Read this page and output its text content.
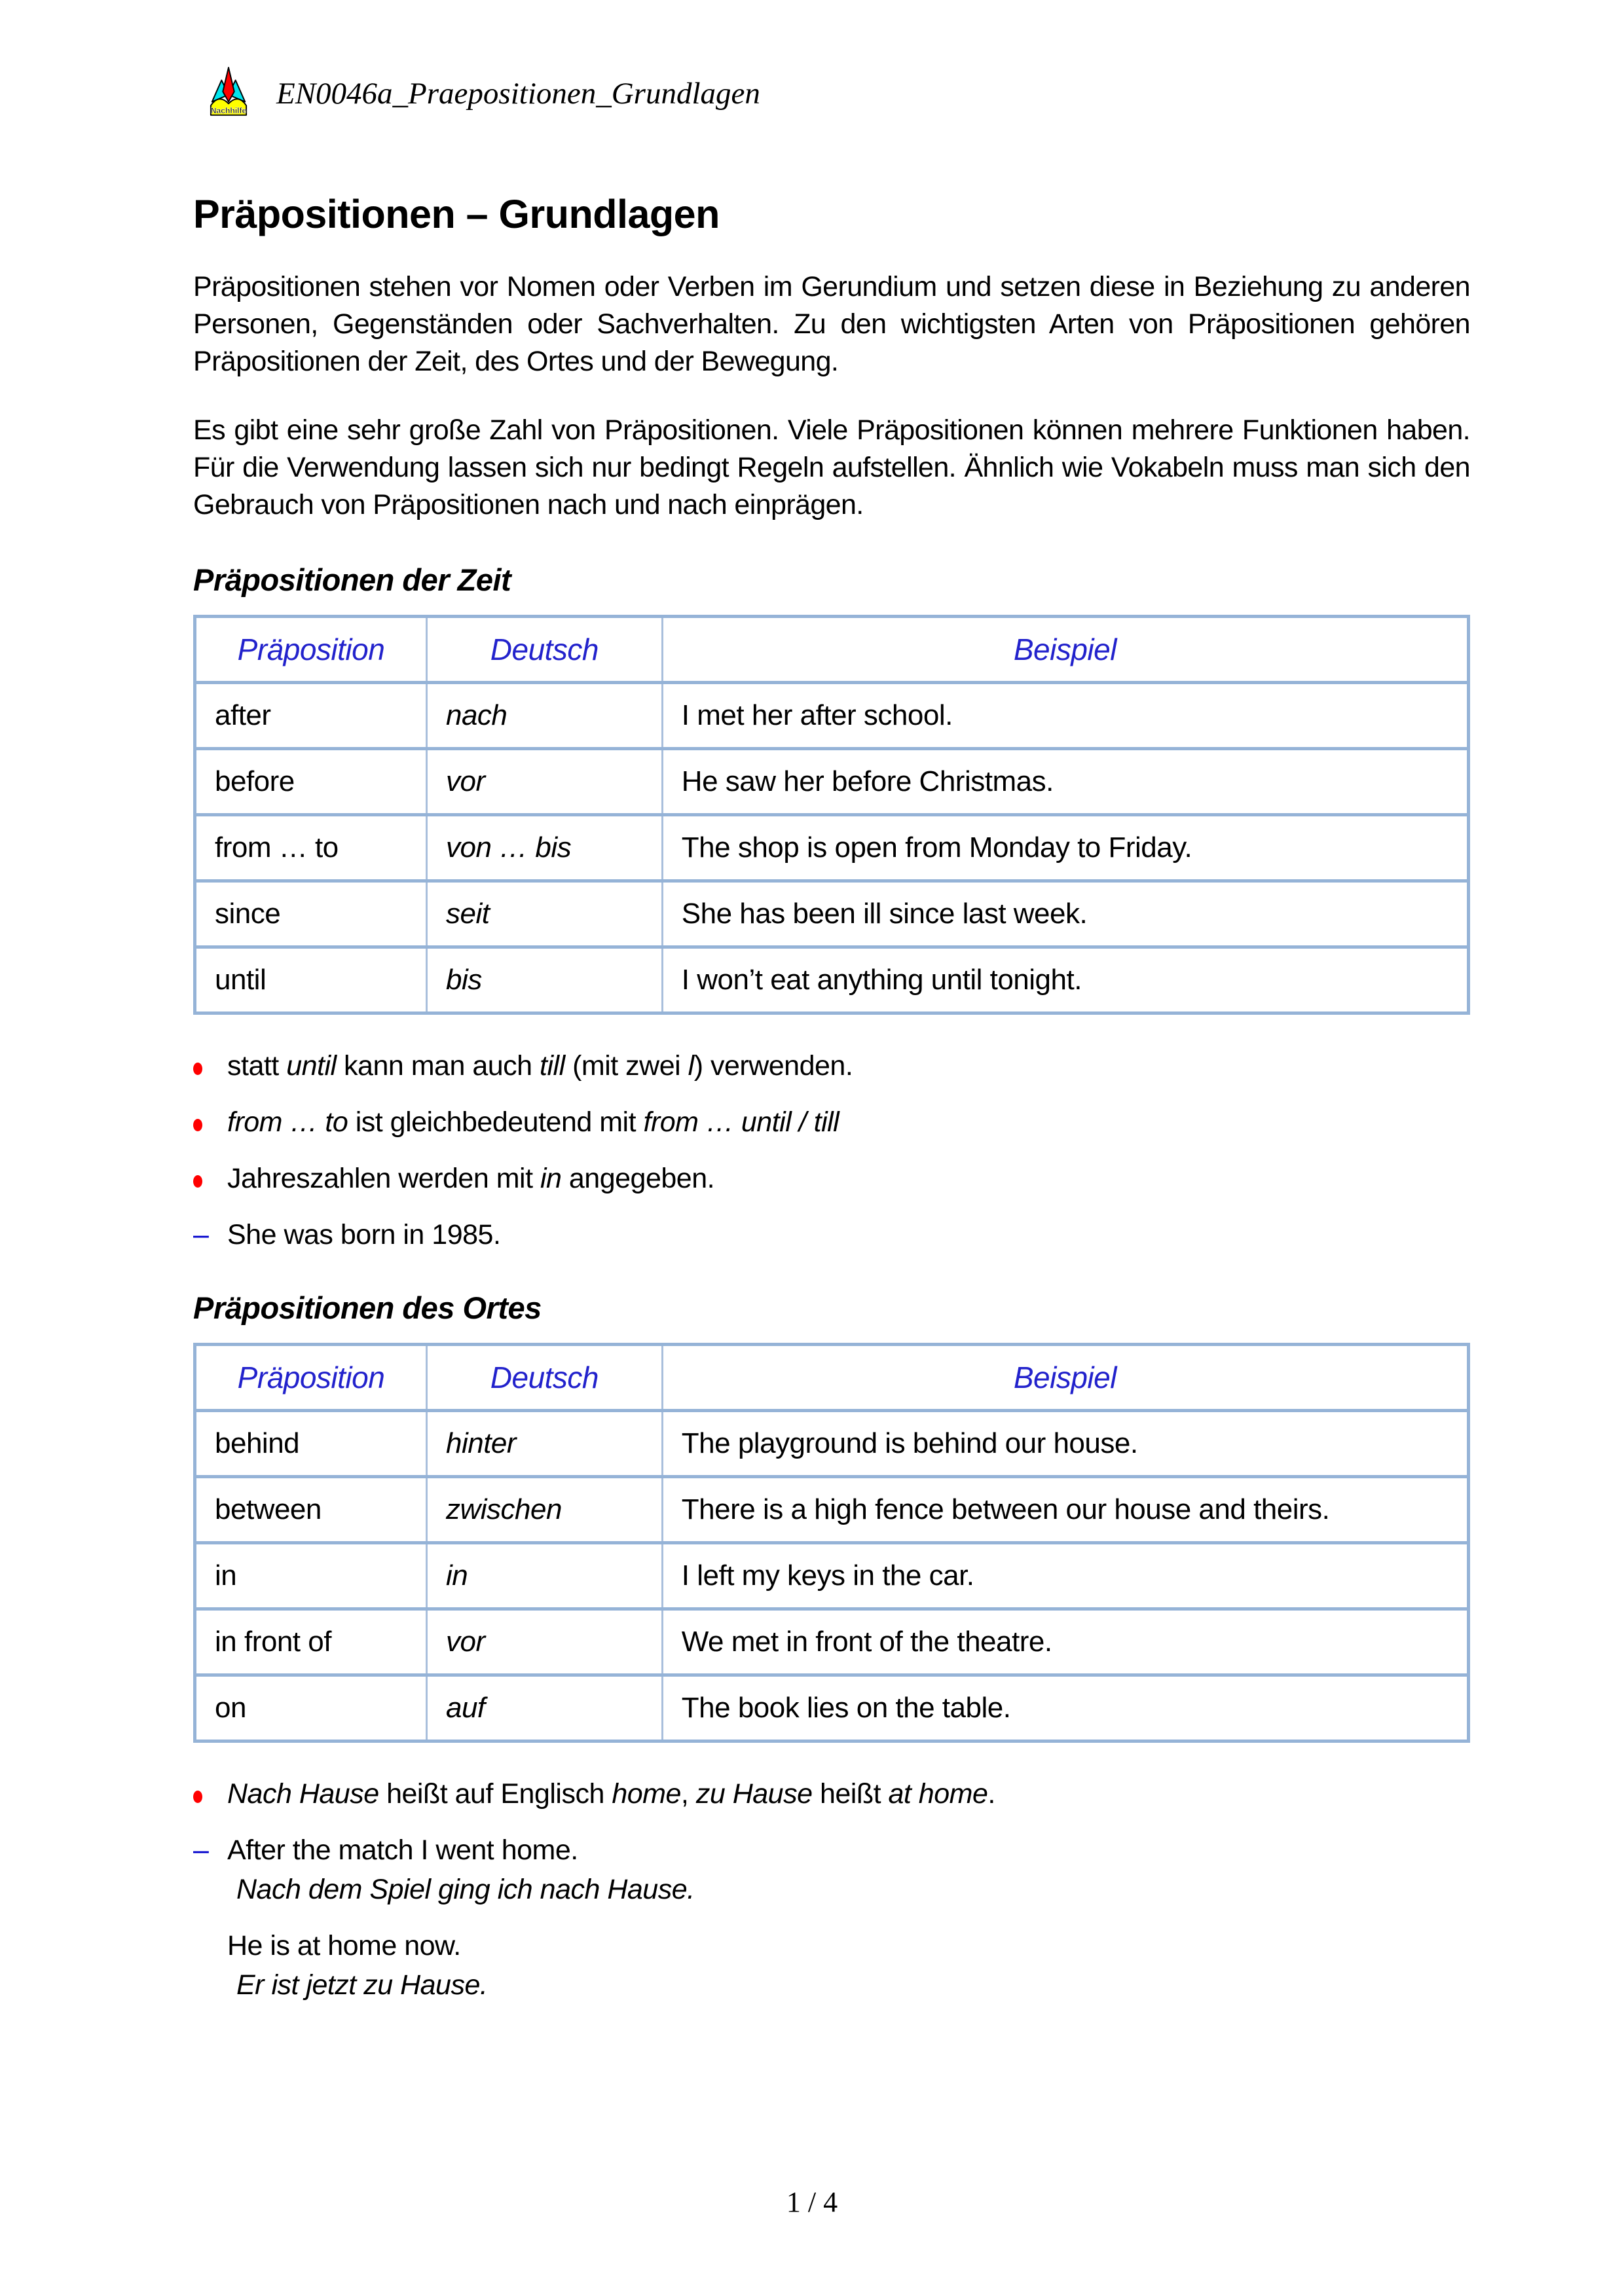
Nachhilfe EN0046a_Praepositionen_Grundlagen
Präpositionen – Grundlagen

Präpositionen stehen vor Nomen oder Verben im Gerundium und setzen diese in Beziehung zu anderen Personen, Gegenständen oder Sachverhalten. Zu den wichtigsten Arten von Präpositionen gehören Präpositionen der Zeit, des Ortes und der Bewegung.

Es gibt eine sehr große Zahl von Präpositionen. Viele Präpositionen können mehrere Funktionen haben. Für die Verwendung lassen sich nur bedingt Regeln aufstellen. Ähnlich wie Vokabeln muss man sich den Gebrauch von Präpositionen nach und nach einprägen.

Präpositionen der Zeit
Präposition	Deutsch	Beispiel
after	nach	I met her after school.
before	vor	He saw her before Christmas.
from … to	von … bis	The shop is open from Monday to Friday.
since	seit	She has been ill since last week.
until	bis	I won’t eat anything until tonight.
statt until kann man auch till (mit zwei l) verwenden.
from … to ist gleichbedeutend mit from … until / till
Jahreszahlen werden mit in angegeben.
– She was born in 1985.
Präpositionen des Ortes
Präposition	Deutsch	Beispiel
behind	hinter	The playground is behind our house.
between	zwischen	There is a high fence between our house and theirs.
in	in	I left my keys in the car.
in front of	vor	We met in front of the theatre.
on	auf	The book lies on the table.
Nach Hause heißt auf Englisch home, zu Hause heißt at home.
– After the match I went home.
Nach dem Spiel ging ich nach Hause.
He is at home now.
Er ist jetzt zu Hause.
1 / 4
